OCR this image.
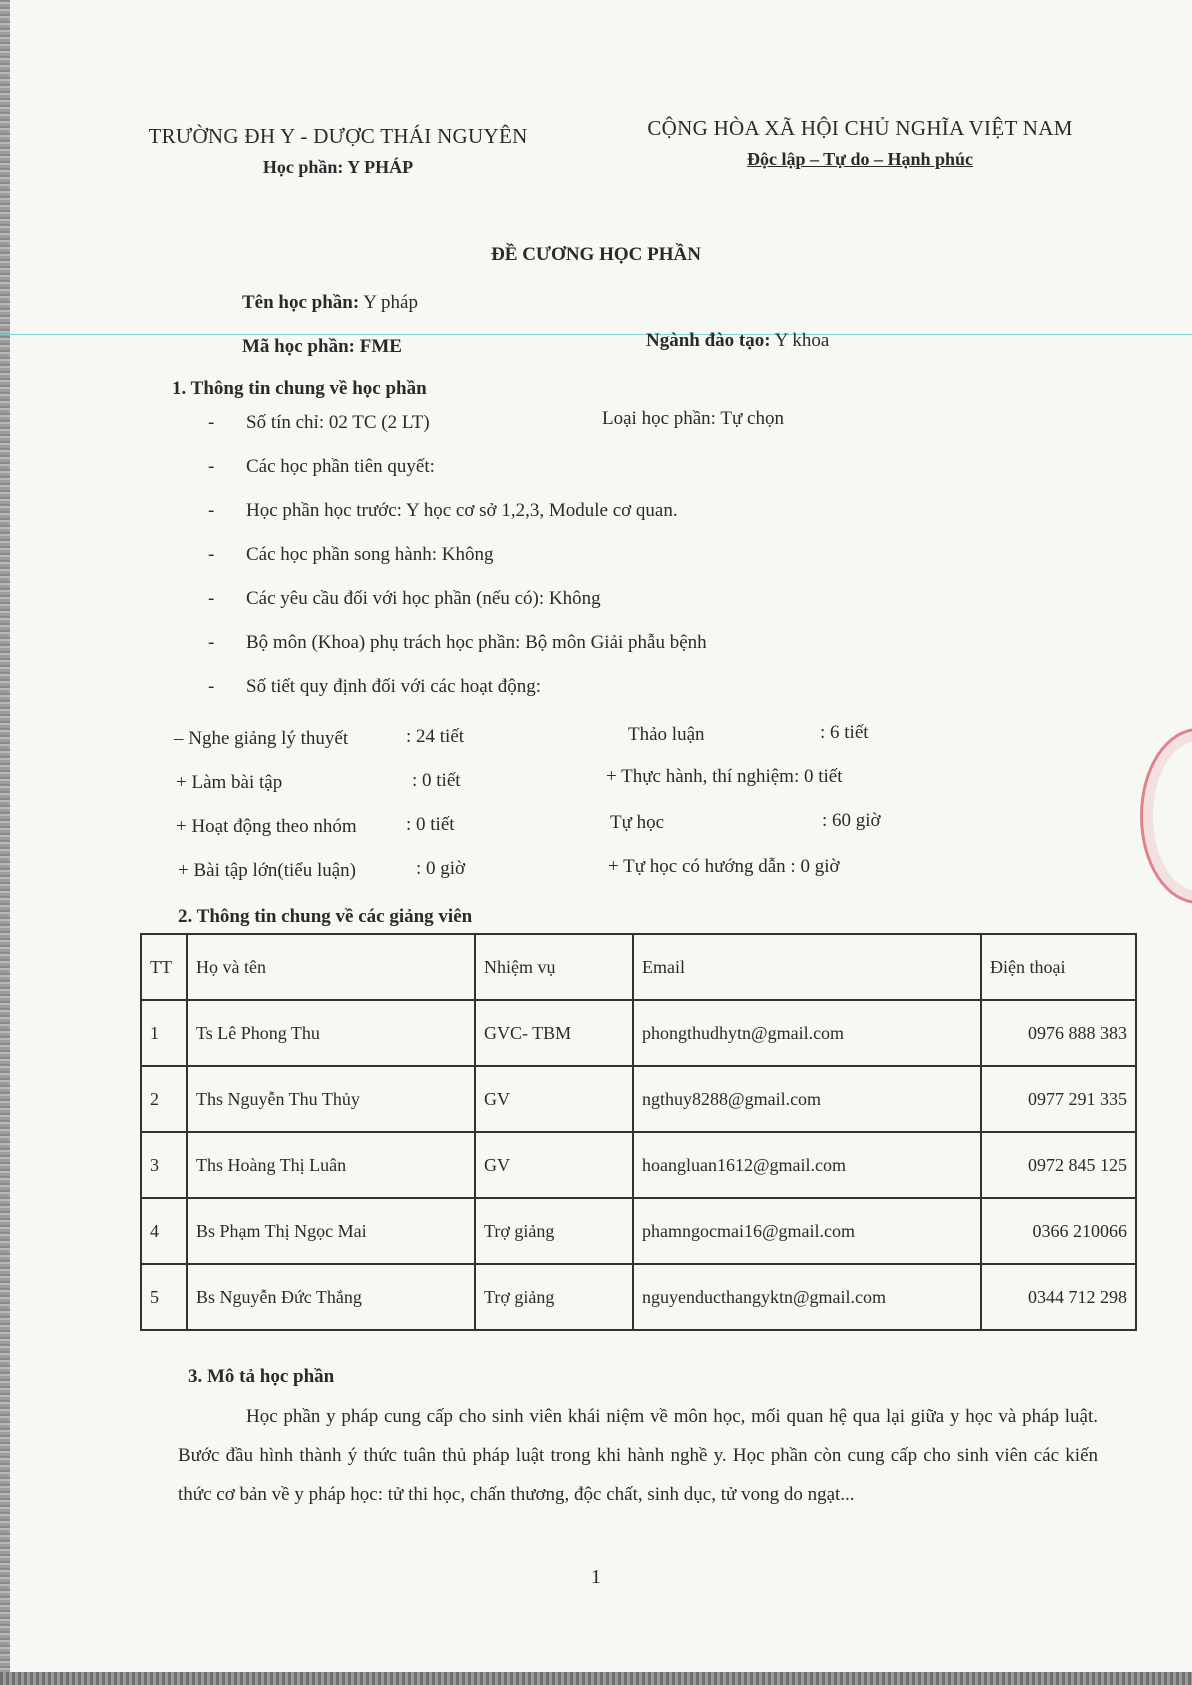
TRƯỜNG ĐH Y - DƯỢC THÁI NGUYÊN
Học phần: Y PHÁP
CỘNG HÒA XÃ HỘI CHỦ NGHĨA VIỆT NAM
Độc lập – Tự do – Hạnh phúc
ĐỀ CƯƠNG HỌC PHẦN
Tên học phần: Y pháp
Mã học phần: FME	Ngành đào tạo: Y khoa
1. Thông tin chung về học phần
- Số tín chỉ: 02 TC (2 LT)	Loại học phần: Tự chọn
-	Các học phần tiên quyết:
-	Học phần học trước: Y học cơ sở 1,2,3, Module cơ quan.
-	Các học phần song hành: Không
-	Các yêu cầu đối với học phần (nếu có): Không
-	Bộ môn (Khoa) phụ trách học phần: Bộ môn Giải phẫu bệnh
-	Số tiết quy định đối với các hoạt động:
– Nghe giảng lý thuyết	: 24 tiết	Thảo luận	: 6 tiết
+ Làm bài tập	: 0 tiết	+ Thực hành, thí nghiệm: 0 tiết
+ Hoạt động theo nhóm	: 0 tiết	Tự học	: 60 giờ
+ Bài tập lớn(tiểu luận)	: 0 giờ	+ Tự học có hướng dẫn : 0 giờ
2. Thông tin chung về các giảng viên
TT	Họ và tên	Nhiệm vụ	Email	Điện thoại
1	Ts Lê Phong Thu	GVC- TBM	phongthudhytn@gmail.com	0976 888 383
2	Ths Nguyễn Thu Thủy	GV	ngthuy8288@gmail.com	0977 291 335
3	Ths Hoàng Thị Luân	GV	hoangluan1612@gmail.com	0972 845 125
4	Bs Phạm Thị Ngọc Mai	Trợ giảng	phamngocmai16@gmail.com	0366 210066
5	Bs Nguyễn Đức Thắng	Trợ giảng	nguyenducthangyktn@gmail.com	0344 712 298
3. Mô tả học phần
Học phần y pháp cung cấp cho sinh viên khái niệm về môn học, mối quan hệ qua lại giữa y học và pháp luật. Bước đầu hình thành ý thức tuân thủ pháp luật trong khi hành nghề y. Học phần còn cung cấp cho sinh viên các kiến thức cơ bản về y pháp học: tử thi học, chấn thương, độc chất, sinh dục, tử vong do ngạt...
1
